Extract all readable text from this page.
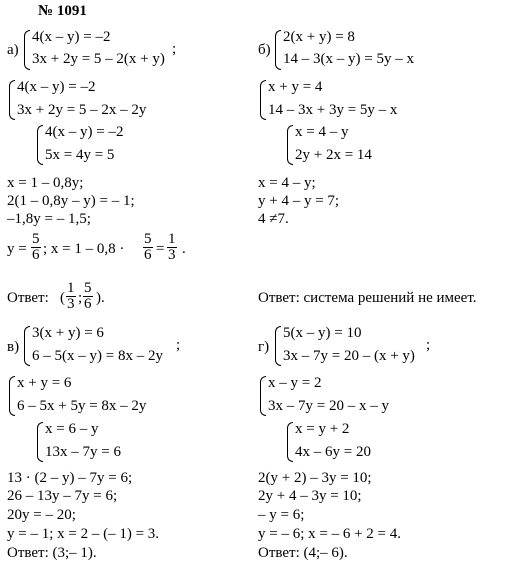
№ 1091
а)
4(x – y) = –2
3x + 2y = 5 – 2(x + y)
;
4(x – y) = –2
3x + 2y = 5 – 2x – 2y
4(x – y) = –2
5x = 4y = 5
x = 1 – 0,8y;
2(1 – 0,8y – y) = – 1;
–1,8y = – 1,5;
$y = \frac{5}{6}$ ; $x = 1 - 0,8 \cdot \frac{5}{6} = \frac{1}{3}$ .
Ответ: ( $\frac{1}{3}$ ; $\frac{5}{6}$ ).
б)
2(x + y) = 8
14 – 3(x – y) = 5y – x
x + y = 4
14 – 3x + 3y = 5y – x
x = 4 – y
2y + 2x = 14
x = 4 – y;
y + 4 – y = 7;
4 ≠7.
Ответ: система решений не имеет.
в)
3(x + y) = 6
6 – 5(x – y) = 8x – 2y
;
x + y = 6
6 – 5x + 5y = 8x – 2y
x = 6 – y
13x – 7y = 6
13 · (2 – y) – 7y = 6;
26 – 13y – 7y = 6;
20y = – 20;
y = – 1; x = 2 – (– 1) = 3.
Ответ: (3;– 1).
г)
5(x – y) = 10
3x – 7y = 20 – (x + y)
;
x – y = 2
3x – 7y = 20 – x – y
x = y + 2
4x – 6y = 20
2(y + 2) – 3y = 10;
2y + 4 – 3y = 10;
– y = 6;
y = – 6; x = – 6 + 2 = 4.
Ответ: (4;– 6).
